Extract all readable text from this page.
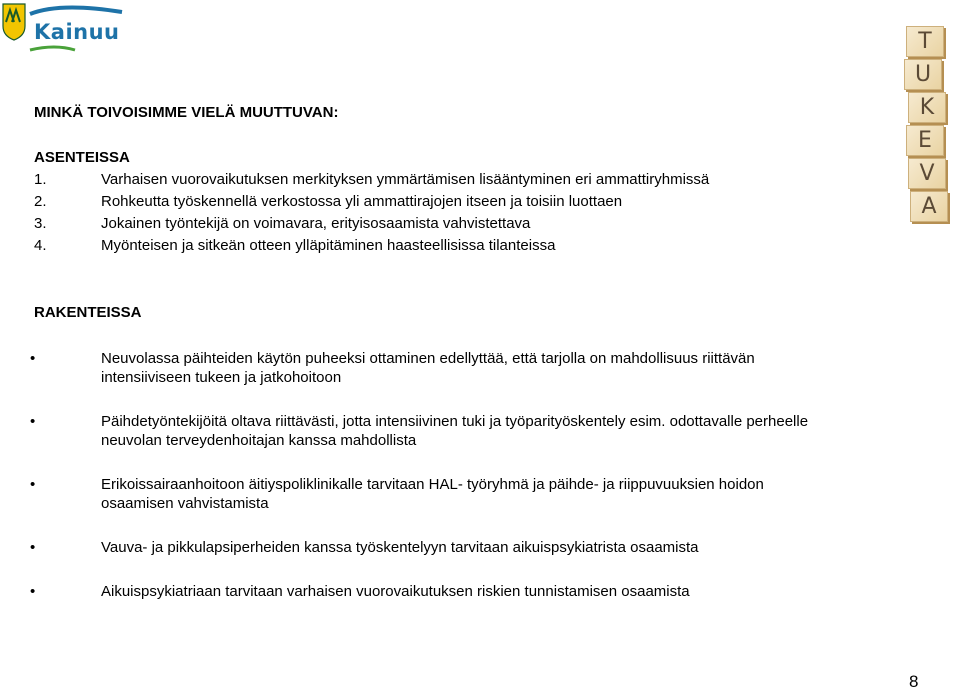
Kainuu	T
U
K
E
V
A
MINKÄ TOIVOISIMME VIELÄ MUUTTUVAN:
ASENTEISSA
1.	Varhaisen vuorovaikutuksen merkityksen ymmärtämisen lisääntyminen eri ammattiryhmissä
2.	Rohkeutta työskennellä verkostossa yli ammattirajojen itseen ja toisiin luottaen
3.	Jokainen työntekijä on voimavara, erityisosaamista vahvistettava
4.	Myönteisen ja sitkeän otteen ylläpitäminen haasteellisissa tilanteissa
RAKENTEISSA
•	Neuvolassa päihteiden käytön puheeksi ottaminen edellyttää, että tarjolla on mahdollisuus riittävän
intensiiviseen tukeen ja jatkohoitoon
•	Päihdetyöntekijöitä oltava riittävästi, jotta intensiivinen tuki ja työparityöskentely esim. odottavalle perheelle
neuvolan terveydenhoitajan kanssa mahdollista
•	Erikoissairaanhoitoon äitiyspoliklinikalle tarvitaan HAL- työryhmä ja päihde- ja riippuvuuksien hoidon
osaamisen vahvistamista
•	Vauva- ja pikkulapsiperheiden kanssa työskentelyyn tarvitaan aikuispsykiatrista osaamista
•	Aikuispsykiatriaan tarvitaan varhaisen vuorovaikutuksen riskien tunnistamisen osaamista
8
